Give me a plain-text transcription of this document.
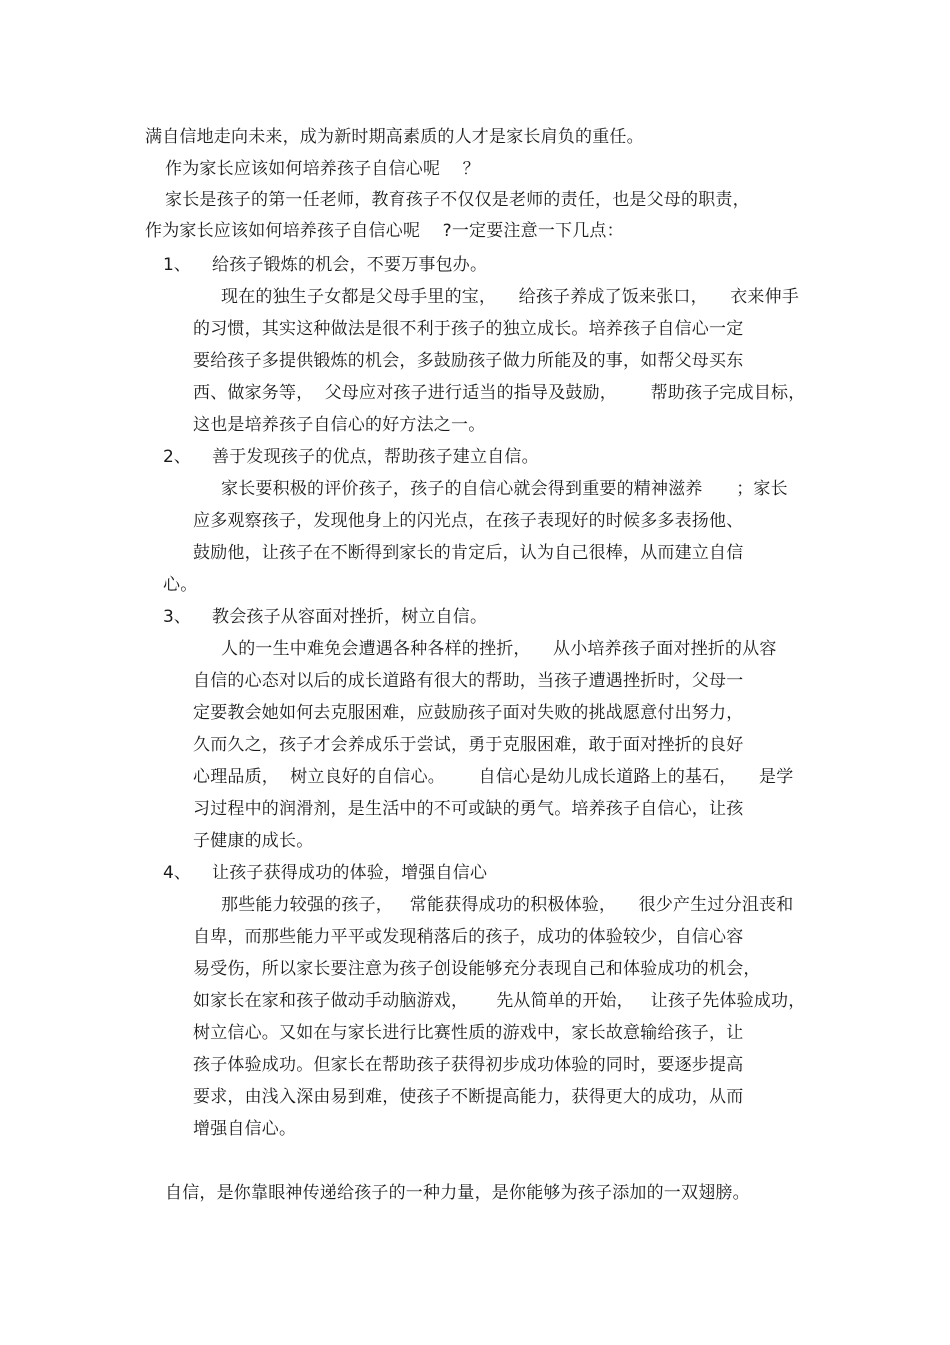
满自信地走向未来，成为新时期高素质的人才是家长肩负的重任。
作为家长应该如何培养孩子自信心呢    ？
家长是孩子的第一任老师，教育孩子不仅仅是老师的责任，也是父母的职责，
作为家长应该如何培养孩子自信心呢    ?一定要注意一下几点：
1、 给孩子锻炼的机会，不要万事包办。
现在的独生子女都是父母手里的宝，    给孩子养成了饭来张口，    衣来伸手
的习惯，其实这种做法是很不利于孩子的独立成长。培养孩子自信心一定
要给孩子多提供锻炼的机会，多鼓励孩子做力所能及的事，如帮父母买东
西、做家务等，  父母应对孩子进行适当的指导及鼓励，      帮助孩子完成目标，
这也是培养孩子自信心的好方法之一。
2、 善于发现孩子的优点，帮助孩子建立自信。
家长要积极的评价孩子，孩子的自信心就会得到重要的精神滋养      ；家长
应多观察孩子，发现他身上的闪光点，在孩子表现好的时候多多表扬他、
鼓励他，让孩子在不断得到家长的肯定后，认为自己很棒，从而建立自信
心。
3、 教会孩子从容面对挫折，树立自信。
人的一生中难免会遭遇各种各样的挫折，    从小培养孩子面对挫折的从容
自信的心态对以后的成长道路有很大的帮助，当孩子遭遇挫折时，父母一
定要教会她如何去克服困难，应鼓励孩子面对失败的挑战愿意付出努力，
久而久之，孩子才会养成乐于尝试，勇于克服困难，敢于面对挫折的良好
心理品质，  树立良好的自信心。      自信心是幼儿成长道路上的基石，    是学
习过程中的润滑剂，是生活中的不可或缺的勇气。培养孩子自信心，让孩
子健康的成长。
4、 让孩子获得成功的体验，增强自信心
那些能力较强的孩子，   常能获得成功的积极体验，    很少产生过分沮丧和
自卑，而那些能力平平或发现稍落后的孩子，成功的体验较少，自信心容
易受伤，所以家长要注意为孩子创设能够充分表现自己和体验成功的机会，
如家长在家和孩子做动手动脑游戏，     先从简单的开始，   让孩子先体验成功，
树立信心。又如在与家长进行比赛性质的游戏中，家长故意输给孩子，让
孩子体验成功。但家长在帮助孩子获得初步成功体验的同时，要逐步提高
要求，由浅入深由易到难，使孩子不断提高能力，获得更大的成功，从而
增强自信心。
自信，是你靠眼神传递给孩子的一种力量，是你能够为孩子添加的一双翅膀。
